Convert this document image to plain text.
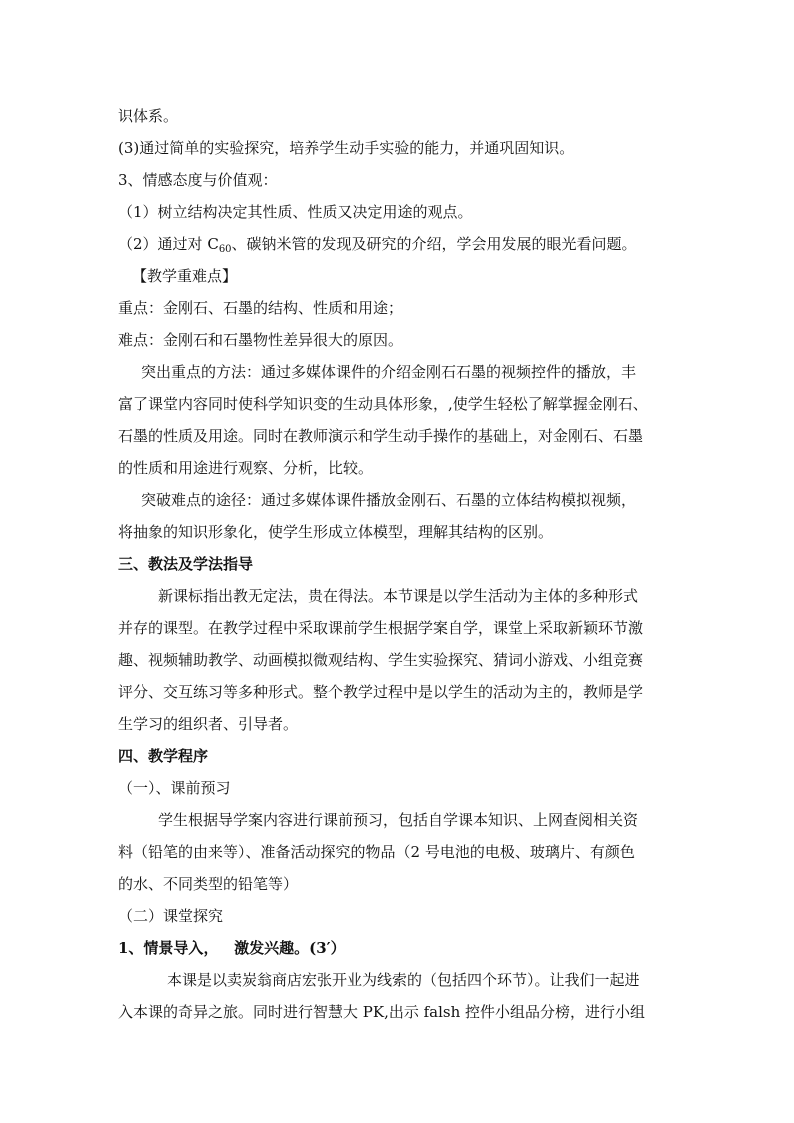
识体系。
(3)通过简单的实验探究，培养学生动手实验的能力，并通巩固知识。
3、情感态度与价值观：
（1）树立结构决定其性质、性质又决定用途的观点。
（2）通过对 $C_{60}$、碳钠米管的发现及研究的介绍，学会用发展的眼光看问题。
【教学重难点】
重点：金刚石、石墨的结构、性质和用途；
难点：金刚石和石墨物性差异很大的原因。
突出重点的方法：通过多媒体课件的介绍金刚石石墨的视频控件的播放，丰
富了课堂内容同时使科学知识变的生动具体形象，,使学生轻松了解掌握金刚石、
石墨的性质及用途。同时在教师演示和学生动手操作的基础上，对金刚石、石墨
的性质和用途进行观察、分析，比较。
突破难点的途径：通过多媒体课件播放金刚石、石墨的立体结构模拟视频，
将抽象的知识形象化，使学生形成立体模型，理解其结构的区别。
三、教法及学法指导
新课标指出教无定法，贵在得法。本节课是以学生活动为主体的多种形式
并存的课型。在教学过程中采取课前学生根据学案自学，课堂上采取新颖环节激
趣、视频辅助教学、动画模拟微观结构、学生实验探究、猜词小游戏、小组竞赛
评分、交互练习等多种形式。整个教学过程中是以学生的活动为主的，教师是学
生学习的组织者、引导者。
四、教学程序
（一）、课前预习
学生根据导学案内容进行课前预习，包括自学课本知识、上网查阅相关资
料（铅笔的由来等）、准备活动探究的物品（2 号电池的电极、玻璃片、有颜色
的水、不同类型的铅笔等）
（二）课堂探究
1、情景导入，   激发兴趣。(3′）
本课是以卖炭翁商店宏张开业为线索的（包括四个环节）。让我们一起进
入本课的奇异之旅。同时进行智慧大 PK,出示 falsh 控件小组品分榜，进行小组
